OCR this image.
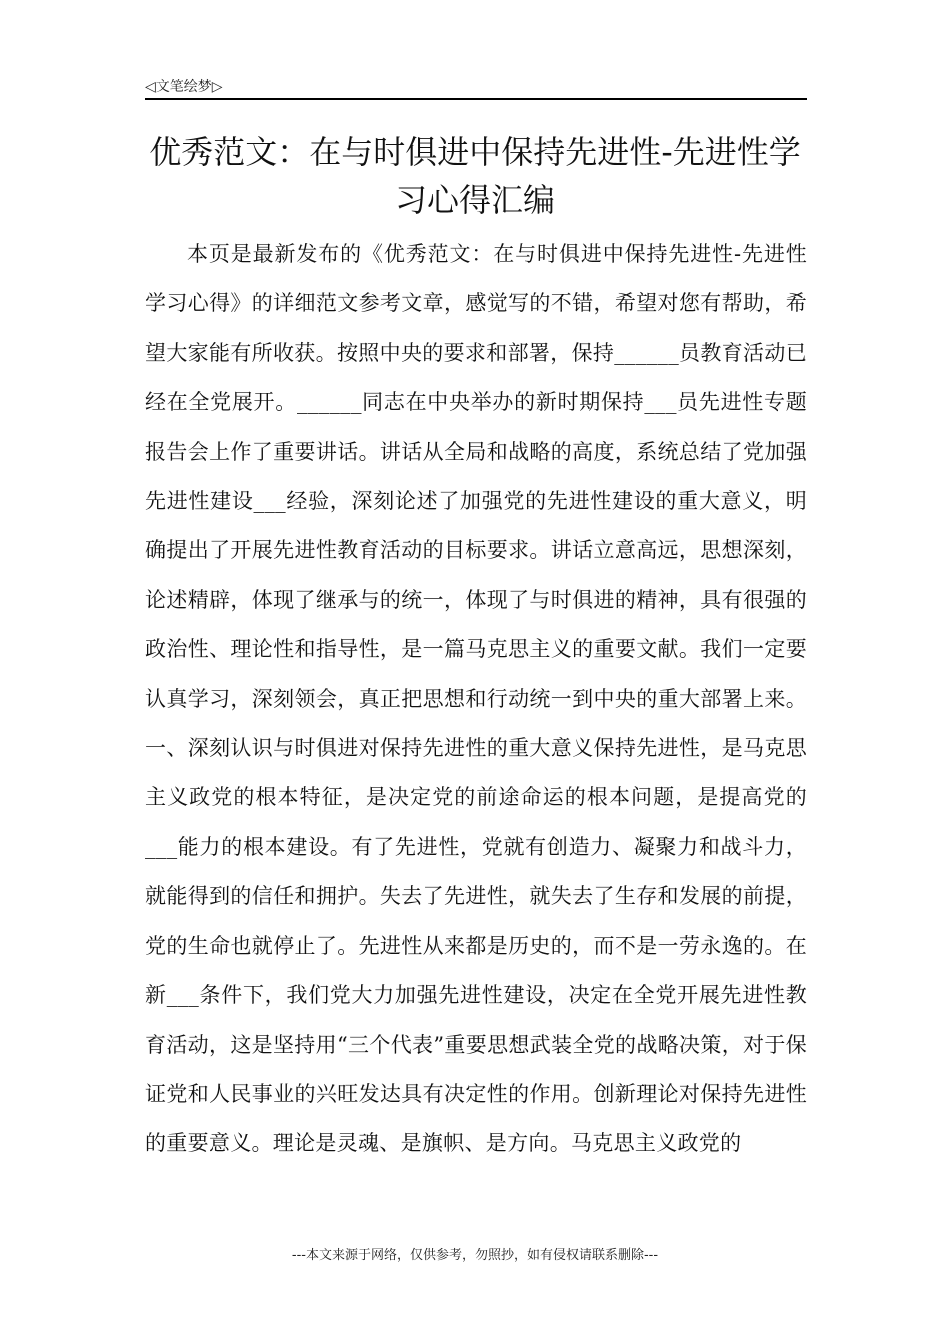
◁文笔绘梦▷
优秀范文：在与时俱进中保持先进性-先进性学习心得汇编

本页是最新发布的《优秀范文：在与时俱进中保持先进性-先进性学习心得》的详细范文参考文章，感觉写的不错，希望对您有帮助，希望大家能有所收获。按照中央的要求和部署，保持______员教育活动已经在全党展开。______同志在中央举办的新时期保持___员先进性专题报告会上作了重要讲话。讲话从全局和战略的高度，系统总结了党加强先进性建设___经验，深刻论述了加强党的先进性建设的重大意义，明确提出了开展先进性教育活动的目标要求。讲话立意高远，思想深刻，论述精辟，体现了继承与的统一，体现了与时俱进的精神，具有很强的政治性、理论性和指导性，是一篇马克思主义的重要文献。我们一定要认真学习，深刻领会，真正把思想和行动统一到中央的重大部署上来。一、深刻认识与时俱进对保持先进性的重大意义保持先进性，是马克思主义政党的根本特征，是决定党的前途命运的根本问题，是提高党的___能力的根本建设。有了先进性，党就有创造力、凝聚力和战斗力，就能得到的信任和拥护。失去了先进性，就失去了生存和发展的前提，党的生命也就停止了。先进性从来都是历史的，而不是一劳永逸的。在新___条件下，我们党大力加强先进性建设，决定在全党开展先进性教育活动，这是坚持用“三个代表”重要思想武装全党的战略决策，对于保证党和人民事业的兴旺发达具有决定性的作用。创新理论对保持先进性的重要意义。理论是灵魂、是旗帜、是方向。马克思主义政党的

---本文来源于网络，仅供参考，勿照抄，如有侵权请联系删除---
